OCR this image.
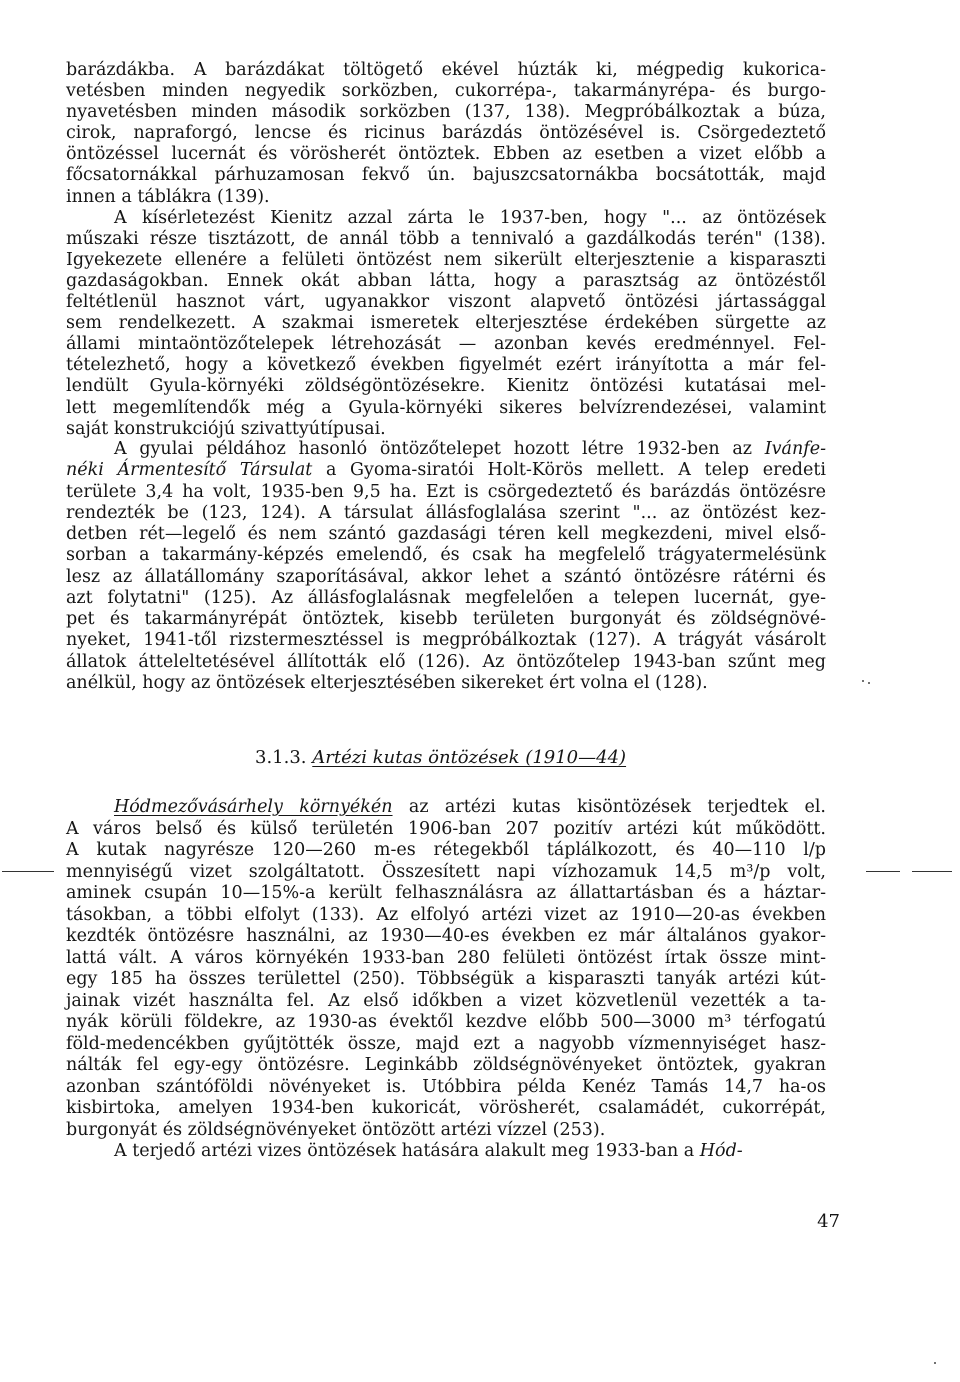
barázdákba. A barázdákat töltögető ekével húzták ki, mégpedig kukorica-
vetésben minden negyedik sorközben, cukorrépa-, takarmányrépa- és burgo-
nyavetésben minden második sorközben (137, 138). Megpróbálkoztak a búza,
cirok, napraforgó, lencse és ricinus barázdás öntözésével is. Csörgedeztető
öntözéssel lucernát és vörösherét öntöztek. Ebben az esetben a vizet előbb a
főcsatornákkal párhuzamosan fekvő ún. bajuszcsatornákba bocsátották, majd
innen a táblákra (139).
A kísérletezést Kienitz azzal zárta le 1937-ben, hogy "... az öntözések
műszaki része tisztázott, de annál több a tennivaló a gazdálkodás terén" (138).
Igyekezete ellenére a felületi öntözést nem sikerült elterjesztenie a kisparaszti
gazdaságokban. Ennek okát abban látta, hogy a parasztság az öntözéstől
feltétlenül hasznot várt, ugyanakkor viszont alapvető öntözési jártassággal
sem rendelkezett. A szakmai ismeretek elterjesztése érdekében sürgette az
állami mintaöntözőtelepek létrehozását — azonban kevés eredménnyel. Fel-
tételezhető, hogy a következő években figyelmét ezért irányította a már fel-
lendült Gyula-környéki zöldségöntözésekre. Kienitz öntözési kutatásai mel-
lett megemlítendők még a Gyula-környéki sikeres belvízrendezései, valamint
saját konstrukciójú szivattyútípusai.
A gyulai példához hasonló öntözőtelepet hozott létre 1932-ben az Ivánfe-
néki Ármentesítő Társulat a Gyoma-siratói Holt-Körös mellett. A telep eredeti
területe 3,4 ha volt, 1935-ben 9,5 ha. Ezt is csörgedeztető és barázdás öntözésre
rendezték be (123, 124). A társulat állásfoglalása szerint "... az öntözést kez-
detben rét—legelő és nem szántó gazdasági téren kell megkezdeni, mivel első-
sorban a takarmány-képzés emelendő, és csak ha megfelelő trágyatermelésünk
lesz az állatállomány szaporításával, akkor lehet a szántó öntözésre rátérni és
azt folytatni" (125). Az állásfoglalásnak megfelelően a telepen lucernát, gye-
pet és takarmányrépát öntöztek, kisebb területen burgonyát és zöldségnövé-
nyeket, 1941-től rizstermesztéssel is megpróbálkoztak (127). A trágyát vásárolt
állatok átteleltetésével állították elő (126). Az öntözőtelep 1943-ban szűnt meg
anélkül, hogy az öntözések elterjesztésében sikereket ért volna el (128).
3.1.3. Artézi kutas öntözések (1910—44)
Hódmezővásárhely környékén az artézi kutas kisöntözések terjedtek el.
A város belső és külső területén 1906-ban 207 pozitív artézi kút működött.
A kutak nagyrésze 120—260 m-es rétegekből táplálkozott, és 40—110 l/p
mennyiségű vizet szolgáltatott. Összesített napi vízhozamuk 14,5 m³/p volt,
aminek csupán 10—15%-a került felhasználásra az állattartásban és a háztar-
tásokban, a többi elfolyt (133). Az elfolyó artézi vizet az 1910—20-as években
kezdték öntözésre használni, az 1930—40-es években ez már általános gyakor-
lattá vált. A város környékén 1933-ban 280 felületi öntözést írtak össze mint-
egy 185 ha összes területtel (250). Többségük a kisparaszti tanyák artézi kút-
jainak vizét használta fel. Az első időkben a vizet közvetlenül vezették a ta-
nyák körüli földekre, az 1930-as évektől kezdve előbb 500—3000 m³ térfogatú
föld-medencékben gyűjtötték össze, majd ezt a nagyobb vízmennyiséget hasz-
nálták fel egy-egy öntözésre. Leginkább zöldségnövényeket öntöztek, gyakran
azonban szántóföldi növényeket is. Utóbbira példa Kenéz Tamás 14,7 ha-os
kisbirtoka, amelyen 1934-ben kukoricát, vörösherét, csalamádét, cukorrépát,
burgonyát és zöldségnövényeket öntözött artézi vízzel (253).
A terjedő artézi vizes öntözések hatására alakult meg 1933-ban a Hód-
47
